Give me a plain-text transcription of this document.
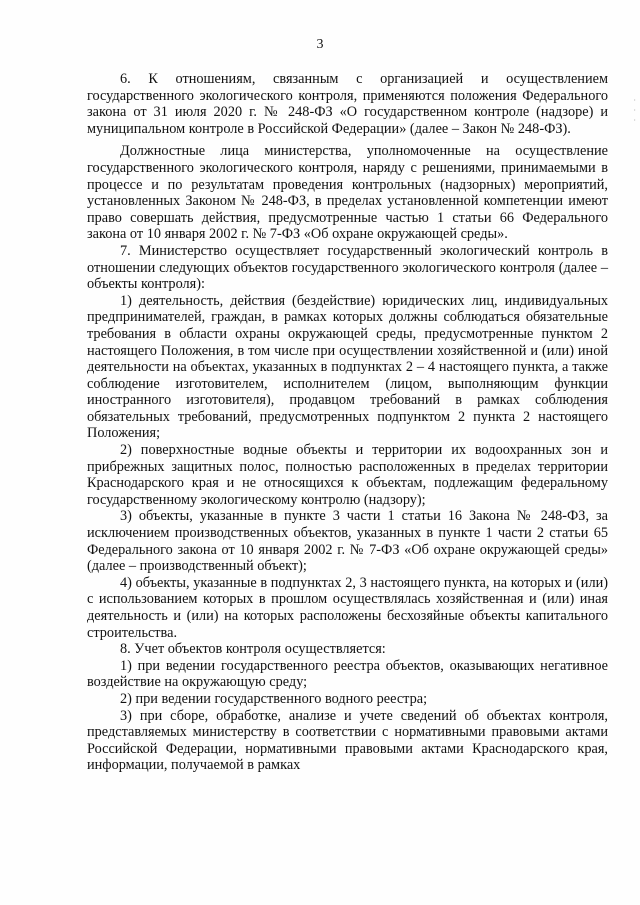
3
·
·
·

6. К отношениям, связанным с организацией и осуществлением государственного экологического контроля, применяются положения Федерального закона от 31 июля 2020 г. № 248-ФЗ «О государственном контроле (надзоре) и муниципальном контроле в Российской Федерации» (далее – Закон № 248-ФЗ).

Должностные лица министерства, уполномоченные на осуществление государственного экологического контроля, наряду с решениями, принимаемыми в процессе и по результатам проведения контрольных (надзорных) мероприятий, установленных Законом № 248-ФЗ, в пределах установленной компетенции имеют право совершать действия, предусмотренные частью 1 статьи 66 Федерального закона от 10 января 2002 г. № 7-ФЗ «Об охране окружающей среды».

7. Министерство осуществляет государственный экологический контроль в отношении следующих объектов государственного экологического контроля (далее – объекты контроля):

1) деятельность, действия (бездействие) юридических лиц, индивидуальных предпринимателей, граждан, в рамках которых должны соблюдаться обязательные требования в области охраны окружающей среды, предусмотренные пунктом 2 настоящего Положения, в том числе при осуществлении хозяйственной и (или) иной деятельности на объектах, указанных в подпунктах 2 – 4 настоящего пункта, а также соблюдение изготовителем, исполнителем (лицом, выполняющим функции иностранного изготовителя), продавцом требований в рамках соблюдения обязательных требований, предусмотренных подпунктом 2 пункта 2 настоящего Положения;

2) поверхностные водные объекты и территории их водоохранных зон и прибрежных защитных полос, полностью расположенных в пределах территории Краснодарского края и не относящихся к объектам, подлежащим федеральному государственному экологическому контролю (надзору);

3) объекты, указанные в пункте 3 части 1 статьи 16 Закона № 248-ФЗ, за исключением производственных объектов, указанных в пункте 1 части 2 статьи 65 Федерального закона от 10 января 2002 г. № 7-ФЗ «Об охране окружающей среды» (далее – производственный объект);

4) объекты, указанные в подпунктах 2, 3 настоящего пункта, на которых и (или) с использованием которых в прошлом осуществлялась хозяйственная и (или) иная деятельность и (или) на которых расположены бесхозяйные объекты капитального строительства.

8. Учет объектов контроля осуществляется:

1) при ведении государственного реестра объектов, оказывающих негативное воздействие на окружающую среду;

2) при ведении государственного водного реестра;

3) при сборе, обработке, анализе и учете сведений об объектах контроля, представляемых министерству в соответствии с нормативными правовыми актами Российской Федерации, нормативными правовыми актами Краснодарского края, информации, получаемой в рамках
